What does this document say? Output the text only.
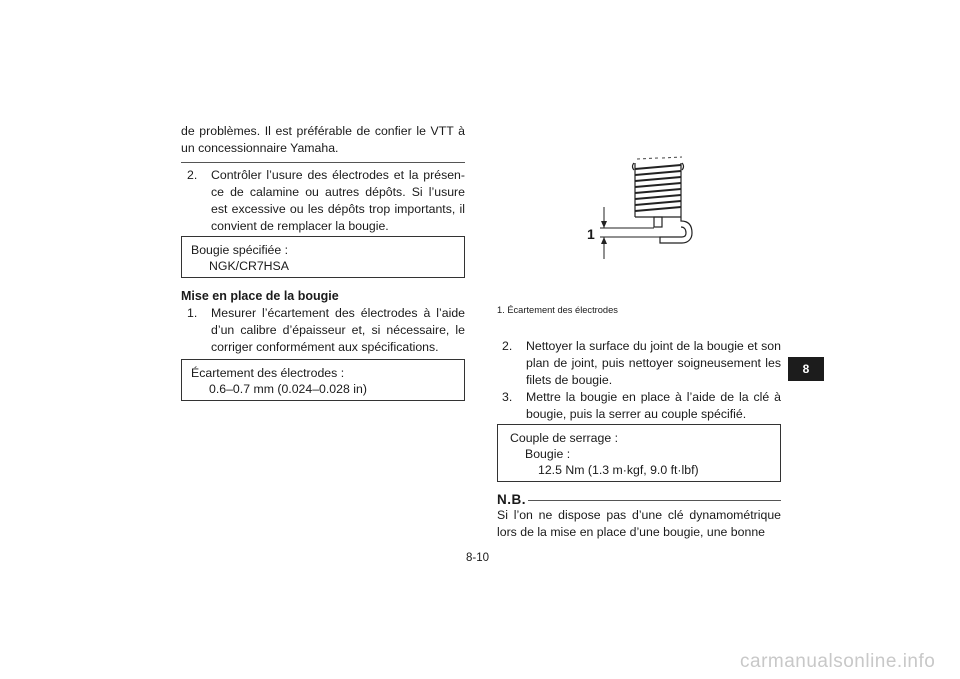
de problèmes. Il est préférable de confier le VTT à un concessionnaire Yamaha.
2. Contrôler l’usure des électrodes et la présen-ce de calamine ou autres dépôts. Si l’usure est excessive ou les dépôts trop importants, il convient de remplacer la bougie.
Bougie spécifiée :
NGK/CR7HSA
Mise en place de la bougie
1. Mesurer l’écartement des électrodes à l’aide d’un calibre d’épaisseur et, si nécessaire, le corriger conformément aux spécifications.
Écartement des électrodes :
0.6–0.7 mm (0.024–0.028 in)
1
1. Écartement des électrodes
2. Nettoyer la surface du joint de la bougie et son plan de joint, puis nettoyer soigneusement les filets de bougie.
3. Mettre la bougie en place à l’aide de la clé à bougie, puis la serrer au couple spécifié.
Couple de serrage :
Bougie :
12.5 Nm (1.3 m·kgf, 9.0 ft·lbf)
N.B.
Si l’on ne dispose pas d’une clé dynamométrique lors de la mise en place d’une bougie, une bonne
8
8-10
carmanualsonline.info
